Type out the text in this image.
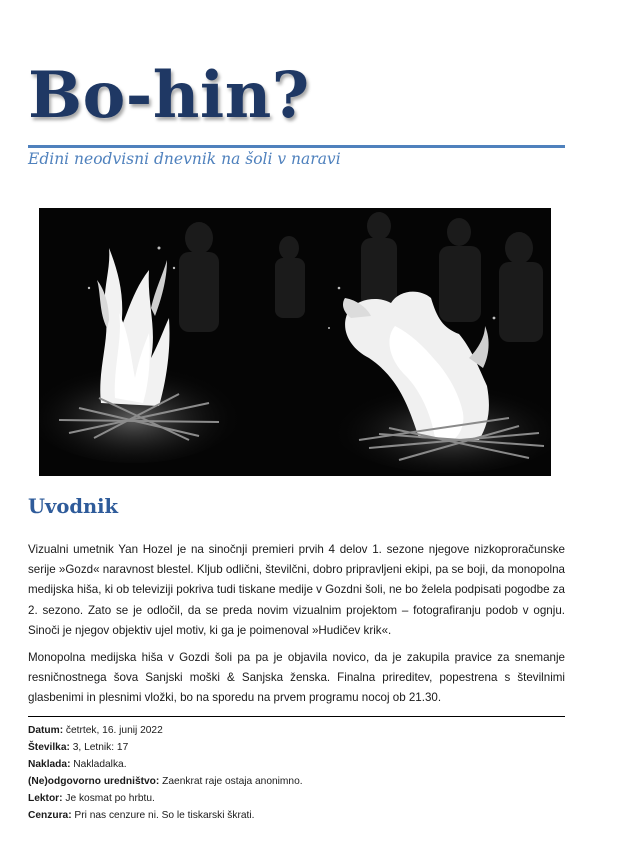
Bo-hin?

Edini neodvisni dnevnik na šoli v naravi

Uvodnik

Vizualni umetnik Yan Hozel je na sinočnji premieri prvih 4 delov 1. sezone njegove nizkoproračunske serije »Gozd« naravnost blestel. Kljub odlični, številčni, dobro pripravljeni ekipi, pa se boji, da monopolna medijska hiša, ki ob televiziji pokriva tudi tiskane medije v Gozdni šoli, ne bo želela podpisati pogodbe za 2. sezono. Zato se je odločil, da se preda novim vizualnim projektom – fotografiranju podob v ognju. Sinoči je njegov objektiv ujel motiv, ki ga je poimenoval »Hudičev krik«.

Monopolna medijska hiša v Gozdi šoli pa pa je objavila novico, da je zakupila pravice za snemanje resničnostnega šova Sanjski moški & Sanjska ženska. Finalna prireditev, popestrena s številnimi glasbenimi in plesnimi vložki, bo na sporedu na prvem programu nocoj ob 21.30.

Datum: četrtek, 16. junij 2022
Številka: 3, Letnik: 17
Naklada: Nakladalka.
(Ne)odgovorno uredništvo: Zaenkrat raje ostaja anonimno.
Lektor: Je kosmat po hrbtu.
Cenzura: Pri nas cenzure ni. So le tiskarski škrati.
